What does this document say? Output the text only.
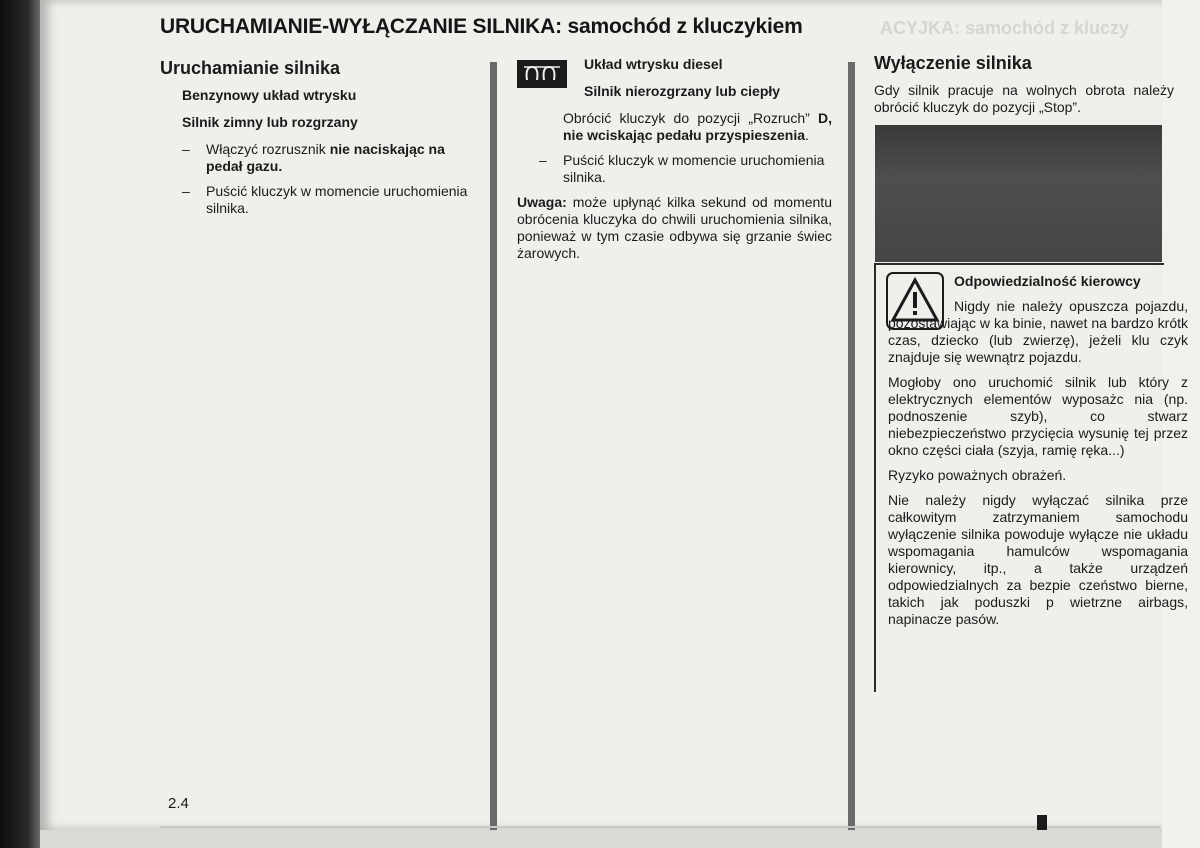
ACYJKA: samochód z kluczy
URUCHAMIANIE-WYŁĄCZANIE SILNIKA: samochód z kluczykiem
Uruchamianie silnika
Benzynowy układ wtrysku
Silnik zimny lub rozgrzany
– Włączyć rozrusznik nie naciskając na pedał gazu.
– Puścić kluczyk w momencie uruchomienia silnika.
Układ wtrysku diesel
Silnik nierozgrzany lub ciepły
Obrócić kluczyk do pozycji „Rozruch” D, nie wciskając pedału przyspieszenia.
– Puścić kluczyk w momencie uruchomienia silnika.
Uwaga: może upłynąć kilka sekund od momentu obrócenia kluczyka do chwili uruchomienia silnika, ponieważ w tym czasie odbywa się grzanie świec żarowych.
Wyłączenie silnika
Gdy silnik pracuje na wolnych obrota należy obrócić kluczyk do pozycji „Stop”.
Odpowiedzialność kierowcy
Nigdy nie należy opuszcza pojazdu, pozostawiając w ka binie, nawet na bardzo krótk czas, dziecko (lub zwierzę), jeżeli klu czyk znajduje się wewnątrz pojazdu.
Mogłoby ono uruchomić silnik lub który z elektrycznych elementów wyposażc nia (np. podnoszenie szyb), co stwarz niebezpieczeństwo przycięcia wysunię tej przez okno części ciała (szyja, ramię ręka...)
Ryzyko poważnych obrażeń.
Nie należy nigdy wyłączać silnika prze całkowitym zatrzymaniem samochodu wyłączenie silnika powoduje wyłącze nie układu wspomagania hamulców wspomagania kierownicy, itp., a także urządzeń odpowiedzialnych za bezpie czeństwo bierne, takich jak poduszki p wietrzne airbags, napinacze pasów.
2.4
